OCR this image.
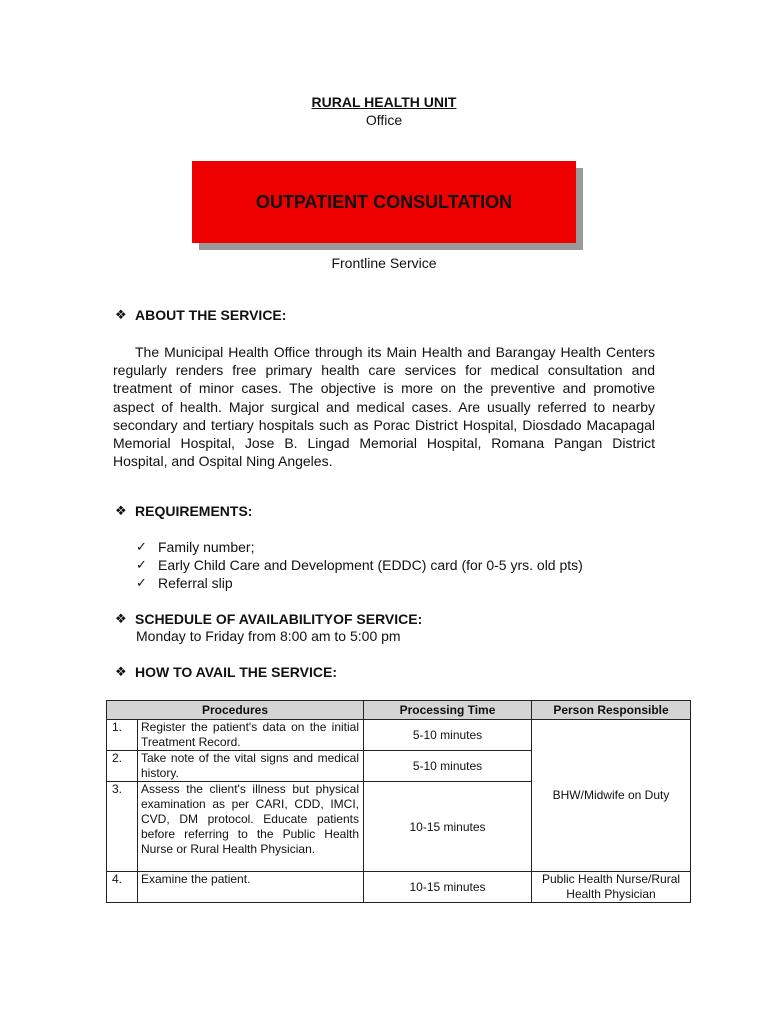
RURAL HEALTH UNIT
Office
OUTPATIENT CONSULTATION
Frontline Service
❖ ABOUT THE SERVICE:
The Municipal Health Office through its Main Health and Barangay Health Centers regularly renders free primary health care services for medical consultation and treatment of minor cases. The objective is more on the preventive and promotive aspect of health. Major surgical and medical cases. Are usually referred to nearby secondary and tertiary hospitals such as Porac District Hospital, Diosdado Macapagal Memorial Hospital, Jose B. Lingad Memorial Hospital, Romana Pangan District Hospital, and Ospital Ning Angeles.
❖ REQUIREMENTS:
✓ Family number;
✓ Early Child Care and Development (EDDC) card (for 0-5 yrs. old pts)
✓ Referral slip
❖ SCHEDULE OF AVAILABILITYOF SERVICE:
Monday to Friday from 8:00 am to 5:00 pm
❖ HOW TO AVAIL THE SERVICE:
Procedures		Processing Time	Person Responsible
1.	Register the patient's data on the initial Treatment Record.	5-10 minutes	BHW/Midwife on Duty
2.	Take note of the vital signs and medical history.	5-10 minutes	
3.	Assess the client's illness but physical examination as per CARI, CDD, IMCI, CVD, DM protocol. Educate patients before referring to the Public Health Nurse or Rural Health Physician.	10-15 minutes	
4.	Examine the patient.	10-15 minutes	Public Health Nurse/Rural Health Physician
